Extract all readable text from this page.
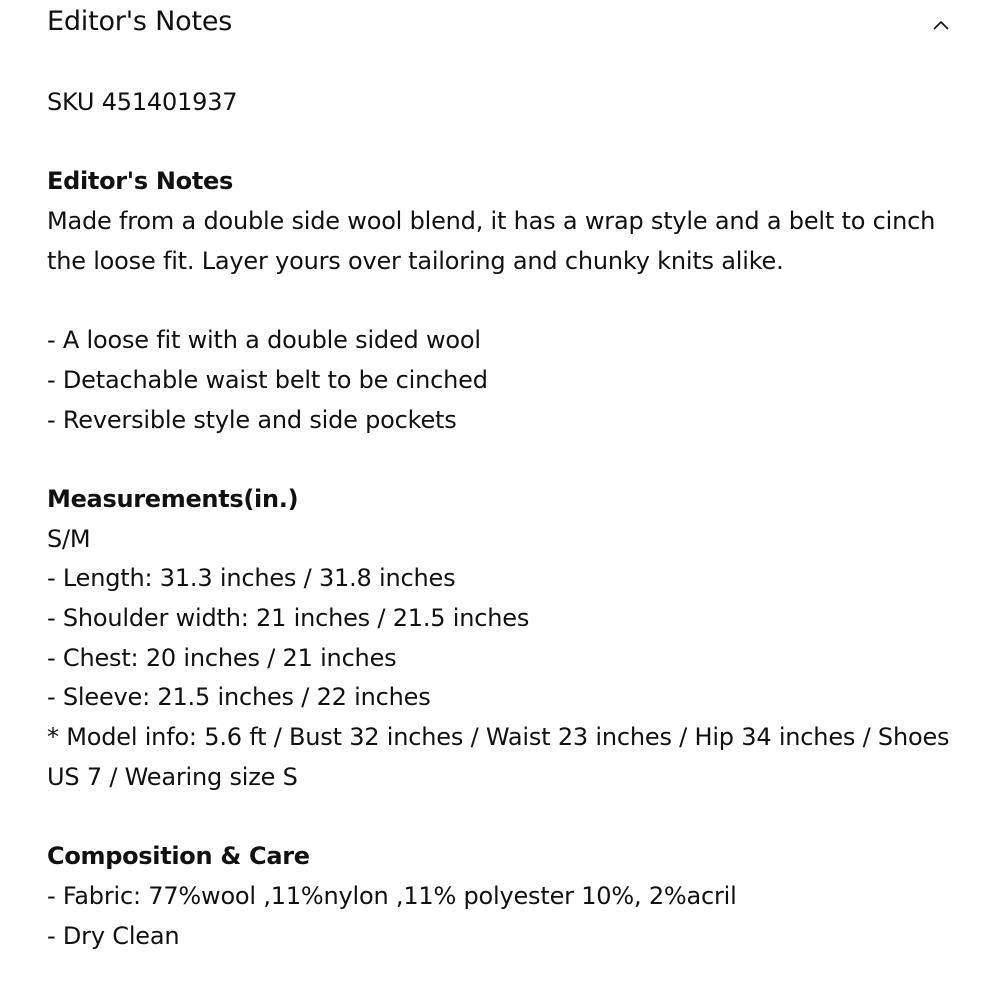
Editor's Notes
SKU 451401937
Editor's Notes
Made from a double side wool blend, it has a wrap style and a belt to cinch the loose fit. Layer yours over tailoring and chunky knits alike.
- A loose fit with a double sided wool
- Detachable waist belt to be cinched
- Reversible style and side pockets
Measurements(in.)
S/M
- Length: 31.3 inches / 31.8 inches
- Shoulder width: 21 inches / 21.5 inches
- Chest: 20 inches / 21 inches
- Sleeve: 21.5 inches / 22 inches
* Model info: 5.6 ft / Bust 32 inches / Waist 23 inches / Hip 34 inches / Shoes US 7 / Wearing size S
Composition & Care
- Fabric: 77%wool ,11%nylon ,11% polyester 10%, 2%acril
- Dry Clean
